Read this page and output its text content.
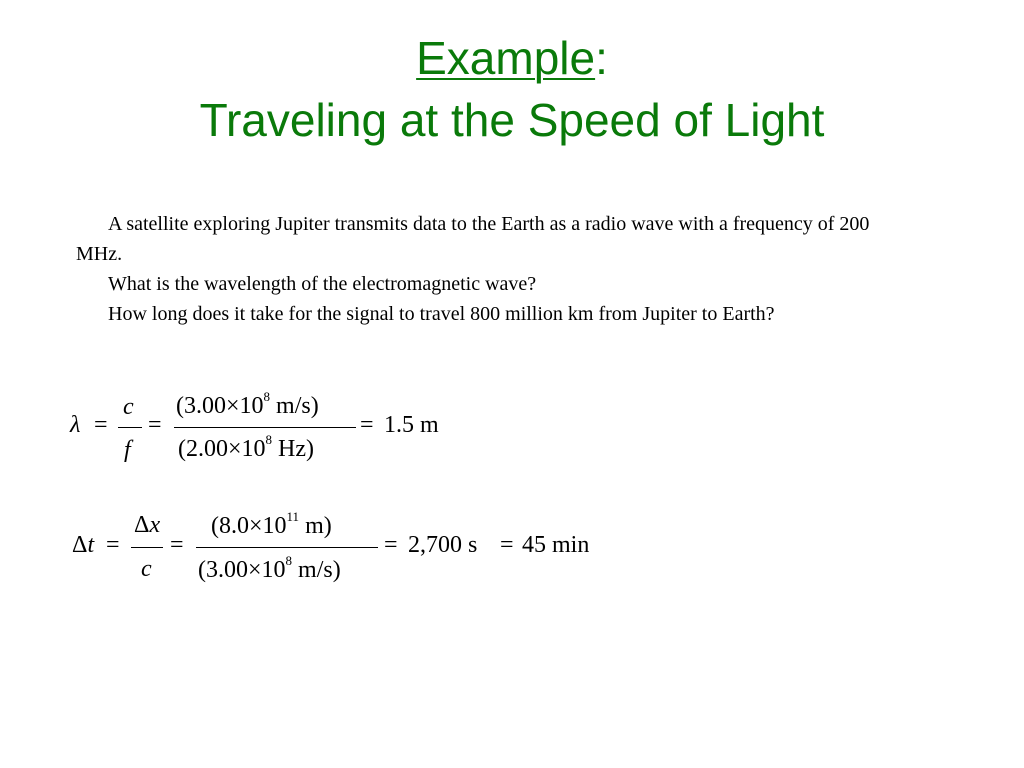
Example:
Traveling at the Speed of Light

A satellite exploring Jupiter transmits data to the Earth as a radio wave with a frequency of 200 MHz.

What is the wavelength of the electromagnetic wave?

How long does it take for the signal to travel 800 million km from Jupiter to Earth?

λ =
c
f
=
($3.00\times 10^8$ m/s)
($2.00\times 10^8$ Hz)
= 1.5 m
Δt =
Δx
c
=
($8.0\times 10^{11}$ m)
($3.00\times 10^8$ m/s)
= 2,700 s = 45 min
